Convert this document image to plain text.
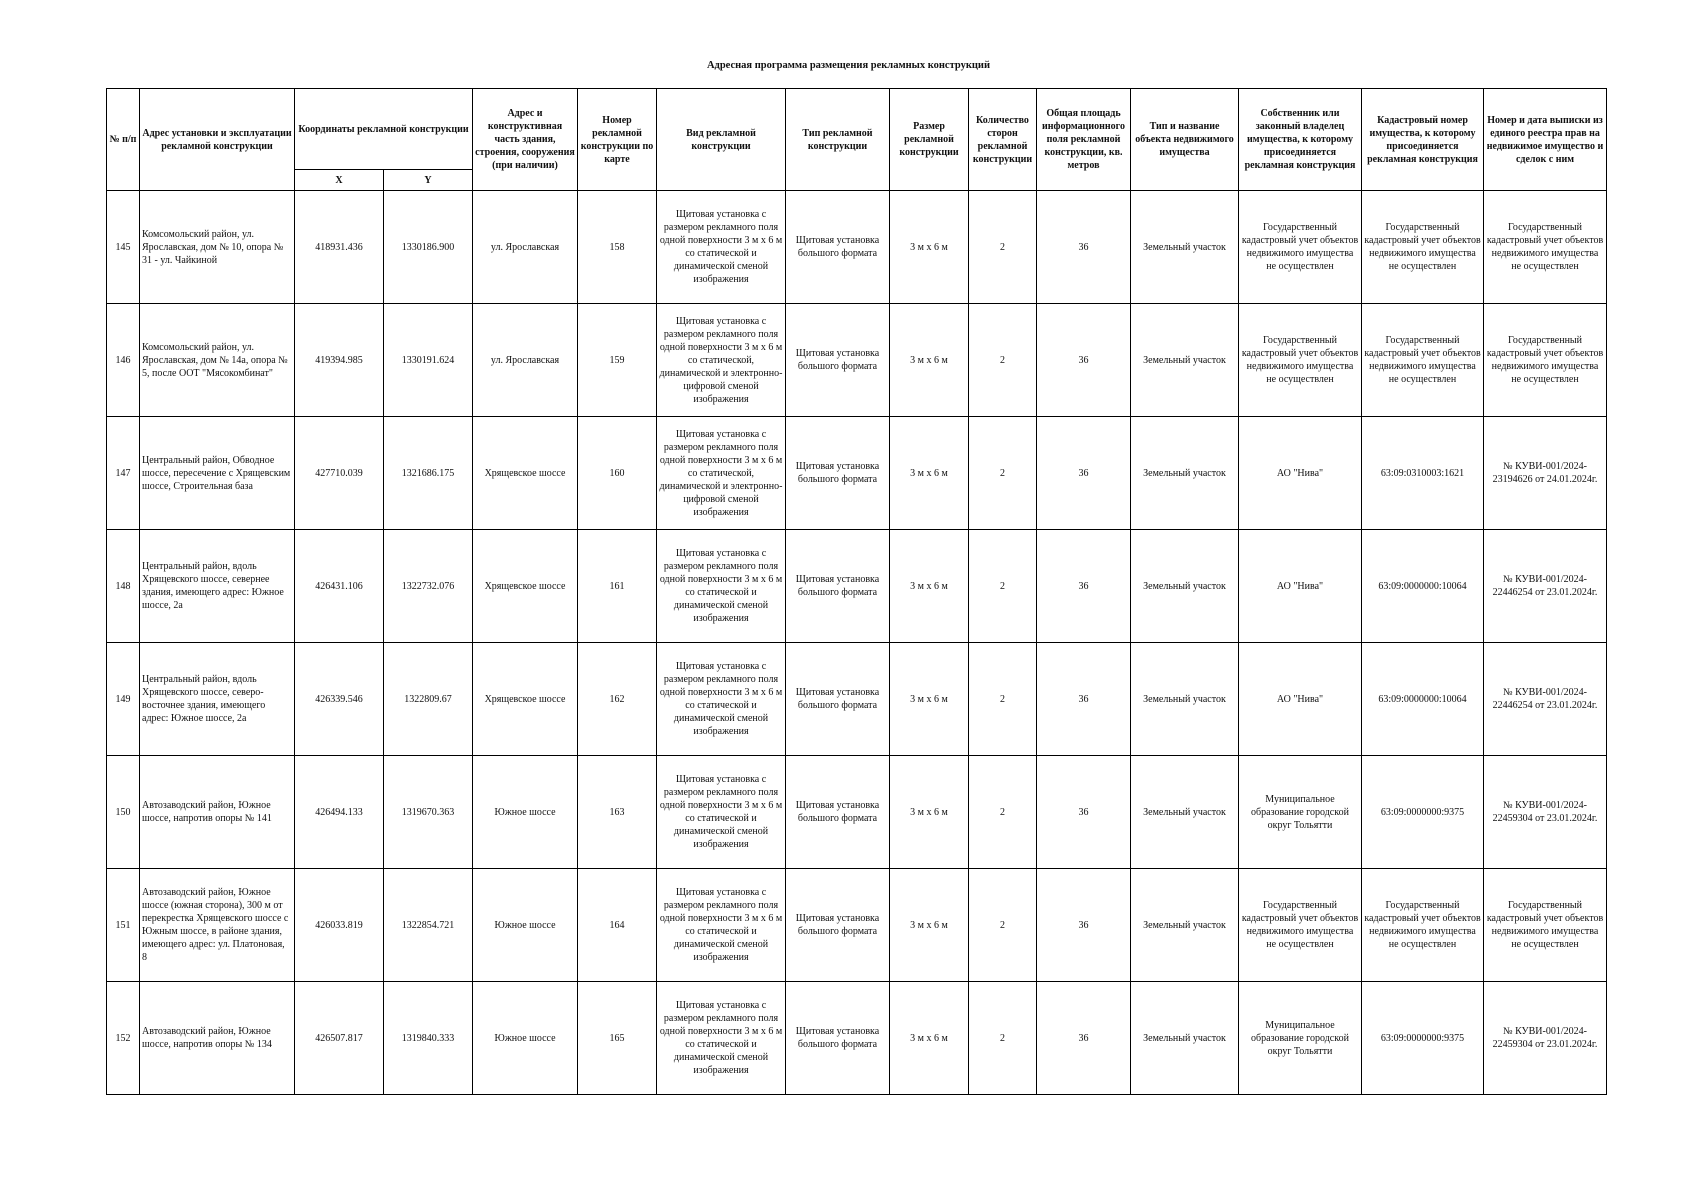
Адресная программа размещения рекламных конструкций
№ п/п	Адрес установки и эксплуатации рекламной конструкции	Координаты рекламной конструкции		Адрес и конструктивная часть здания, строения, сооружения (при наличии)	Номер рекламной конструкции по карте	Вид рекламной конструкции	Тип рекламной конструкции	Размер рекламной конструкции	Количество сторон рекламной конструкции	Общая площадь информационного поля рекламной конструкции, кв. метров	Тип и название объекта недвижимого имущества	Собственник или законный владелец имущества, к которому присоединяется рекламная конструкция	Кадастровый номер имущества, к которому присоединяется рекламная конструкция	Номер и дата выписки из единого реестра прав на недвижимое имущество и сделок с ним
		X	Y											
145	Комсомольский район, ул. Ярославская, дом № 10, опора № 31 - ул. Чайкиной	418931.436	1330186.900	ул. Ярославская	158	Щитовая установка с размером рекламного поля одной поверхности 3 м х 6 м со статической и динамической сменой изображения	Щитовая установка большого формата	3 м х 6 м	2	36	Земельный участок	Государственный кадастровый учет объектов недвижимого имущества не осуществлен	Государственный кадастровый учет объектов недвижимого имущества не осуществлен	Государственный кадастровый учет объектов недвижимого имущества не осуществлен
146	Комсомольский район, ул. Ярославская, дом № 14а, опора № 5, после ООТ "Мясокомбинат"	419394.985	1330191.624	ул. Ярославская	159	Щитовая установка с размером рекламного поля одной поверхности 3 м х 6 м со статической, динамической и электронно-цифровой сменой изображения	Щитовая установка большого формата	3 м х 6 м	2	36	Земельный участок	Государственный кадастровый учет объектов недвижимого имущества не осуществлен	Государственный кадастровый учет объектов недвижимого имущества не осуществлен	Государственный кадастровый учет объектов недвижимого имущества не осуществлен
147	Центральный район, Обводное шоссе, пересечение с Хрящевским шоссе, Строительная база	427710.039	1321686.175	Хрящевское шоссе	160	Щитовая установка с размером рекламного поля одной поверхности 3 м х 6 м со статической, динамической и электронно-цифровой сменой изображения	Щитовая установка большого формата	3 м х 6 м	2	36	Земельный участок	АО "Нива"	63:09:0310003:1621	№ КУВИ-001/2024-23194626 от 24.01.2024г.
148	Центральный район, вдоль Хрящевского шоссе, севернее здания, имеющего адрес: Южное шоссе, 2а	426431.106	1322732.076	Хрящевское шоссе	161	Щитовая установка с размером рекламного поля одной поверхности 3 м х 6 м со статической и динамической сменой изображения	Щитовая установка большого формата	3 м х 6 м	2	36	Земельный участок	АО "Нива"	63:09:0000000:10064	№ КУВИ-001/2024-22446254 от 23.01.2024г.
149	Центральный район, вдоль Хрящевского шоссе, северо-восточнее здания, имеющего адрес: Южное шоссе, 2а	426339.546	1322809.67	Хрящевское шоссе	162	Щитовая установка с размером рекламного поля одной поверхности 3 м х 6 м со статической и динамической сменой изображения	Щитовая установка большого формата	3 м х 6 м	2	36	Земельный участок	АО "Нива"	63:09:0000000:10064	№ КУВИ-001/2024-22446254 от 23.01.2024г.
150	Автозаводский район, Южное шоссе, напротив опоры № 141	426494.133	1319670.363	Южное шоссе	163	Щитовая установка с размером рекламного поля одной поверхности 3 м х 6 м со статической и динамической сменой изображения	Щитовая установка большого формата	3 м х 6 м	2	36	Земельный участок	Муниципальное образование городской округ Тольятти	63:09:0000000:9375	№ КУВИ-001/2024-22459304 от 23.01.2024г.
151	Автозаводский район, Южное шоссе (южная сторона), 300 м от перекрестка Хрящевского шоссе с Южным шоссе, в районе здания, имеющего адрес: ул. Платоновая, 8	426033.819	1322854.721	Южное шоссе	164	Щитовая установка с размером рекламного поля одной поверхности 3 м х 6 м со статической и динамической сменой изображения	Щитовая установка большого формата	3 м х 6 м	2	36	Земельный участок	Государственный кадастровый учет объектов недвижимого имущества не осуществлен	Государственный кадастровый учет объектов недвижимого имущества не осуществлен	Государственный кадастровый учет объектов недвижимого имущества не осуществлен
152	Автозаводский район, Южное шоссе, напротив опоры № 134	426507.817	1319840.333	Южное шоссе	165	Щитовая установка с размером рекламного поля одной поверхности 3 м х 6 м со статической и динамической сменой изображения	Щитовая установка большого формата	3 м х 6 м	2	36	Земельный участок	Муниципальное образование городской округ Тольятти	63:09:0000000:9375	№ КУВИ-001/2024-22459304 от 23.01.2024г.
